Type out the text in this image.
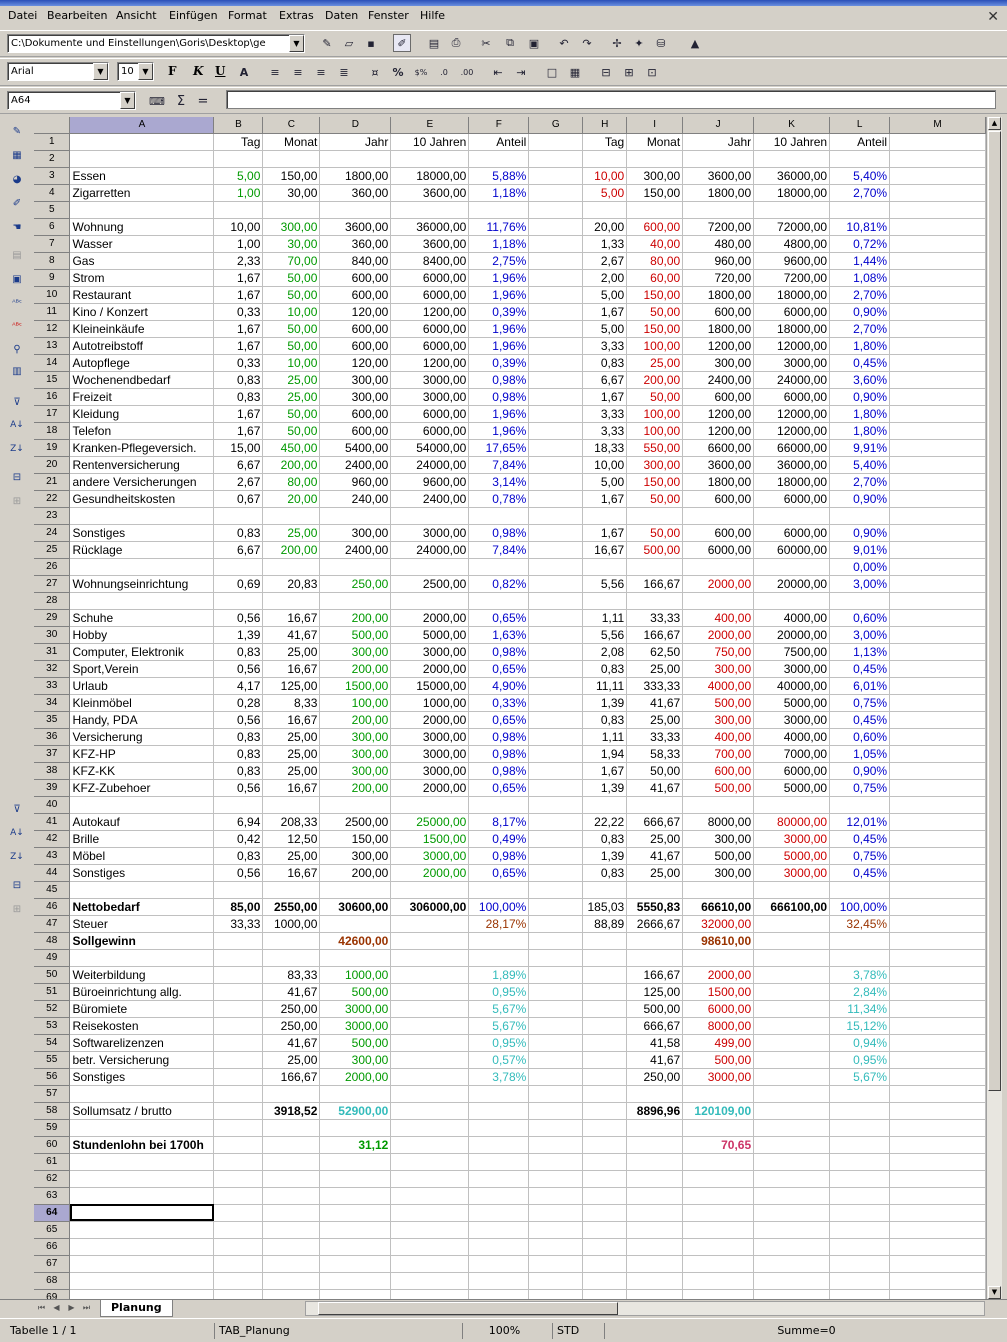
Datei Bearbeiten Ansicht Einfügen Format Extras Daten Fenster Hilfe	✕
C:\Dokumente und Einstellungen\Goris\Desktop\ge	▼	✎	▱	▪	✐	▤	⎙	✂	⧉	▣	↶	↷	✢	✦	⛁	▲
Arial	▼	10	▼	F K U	A	≡	≡	≡	≣	¤	%	$%	.0	.00	⇤	⇥	□	▦	⊟	⊞	⊡
A64	▼	⌨ Σ =
✎
▦
◕
✐
☚
▤
▣
ᴬᴮᶜ
ᴬᴮᶜ
⚲
▥
⊽
A↓
Z↓
⊟
⊞
⊽
A↓
Z↓
⊟
⊞
	A	B	C	D	E	F	G	H	I	J	K	L	M
1		Tag	Monat	Jahr	10 Jahren	Anteil		Tag	Monat	Jahr	10 Jahren	Anteil	
2													
3	Essen	5,00	150,00	1800,00	18000,00	5,88%		10,00	300,00	3600,00	36000,00	5,40%	
4	Zigarretten	1,00	30,00	360,00	3600,00	1,18%		5,00	150,00	1800,00	18000,00	2,70%	
5													
6	Wohnung	10,00	300,00	3600,00	36000,00	11,76%		20,00	600,00	7200,00	72000,00	10,81%	
7	Wasser	1,00	30,00	360,00	3600,00	1,18%		1,33	40,00	480,00	4800,00	0,72%	
8	Gas	2,33	70,00	840,00	8400,00	2,75%		2,67	80,00	960,00	9600,00	1,44%	
9	Strom	1,67	50,00	600,00	6000,00	1,96%		2,00	60,00	720,00	7200,00	1,08%	
10	Restaurant	1,67	50,00	600,00	6000,00	1,96%		5,00	150,00	1800,00	18000,00	2,70%	
11	Kino / Konzert	0,33	10,00	120,00	1200,00	0,39%		1,67	50,00	600,00	6000,00	0,90%	
12	Kleineinkäufe	1,67	50,00	600,00	6000,00	1,96%		5,00	150,00	1800,00	18000,00	2,70%	
13	Autotreibstoff	1,67	50,00	600,00	6000,00	1,96%		3,33	100,00	1200,00	12000,00	1,80%	
14	Autopflege	0,33	10,00	120,00	1200,00	0,39%		0,83	25,00	300,00	3000,00	0,45%	
15	Wochenendbedarf	0,83	25,00	300,00	3000,00	0,98%		6,67	200,00	2400,00	24000,00	3,60%	
16	Freizeit	0,83	25,00	300,00	3000,00	0,98%		1,67	50,00	600,00	6000,00	0,90%	
17	Kleidung	1,67	50,00	600,00	6000,00	1,96%		3,33	100,00	1200,00	12000,00	1,80%	
18	Telefon	1,67	50,00	600,00	6000,00	1,96%		3,33	100,00	1200,00	12000,00	1,80%	
19	Kranken-Pflegeversich.	15,00	450,00	5400,00	54000,00	17,65%		18,33	550,00	6600,00	66000,00	9,91%	
20	Rentenversicherung	6,67	200,00	2400,00	24000,00	7,84%		10,00	300,00	3600,00	36000,00	5,40%	
21	andere Versicherungen	2,67	80,00	960,00	9600,00	3,14%		5,00	150,00	1800,00	18000,00	2,70%	
22	Gesundheitskosten	0,67	20,00	240,00	2400,00	0,78%		1,67	50,00	600,00	6000,00	0,90%	
23													
24	Sonstiges	0,83	25,00	300,00	3000,00	0,98%		1,67	50,00	600,00	6000,00	0,90%	
25	Rücklage	6,67	200,00	2400,00	24000,00	7,84%		16,67	500,00	6000,00	60000,00	9,01%	
26												0,00%	
27	Wohnungseinrichtung	0,69	20,83	250,00	2500,00	0,82%		5,56	166,67	2000,00	20000,00	3,00%	
28													
29	Schuhe	0,56	16,67	200,00	2000,00	0,65%		1,11	33,33	400,00	4000,00	0,60%	
30	Hobby	1,39	41,67	500,00	5000,00	1,63%		5,56	166,67	2000,00	20000,00	3,00%	
31	Computer, Elektronik	0,83	25,00	300,00	3000,00	0,98%		2,08	62,50	750,00	7500,00	1,13%	
32	Sport,Verein	0,56	16,67	200,00	2000,00	0,65%		0,83	25,00	300,00	3000,00	0,45%	
33	Urlaub	4,17	125,00	1500,00	15000,00	4,90%		11,11	333,33	4000,00	40000,00	6,01%	
34	Kleinmöbel	0,28	8,33	100,00	1000,00	0,33%		1,39	41,67	500,00	5000,00	0,75%	
35	Handy, PDA	0,56	16,67	200,00	2000,00	0,65%		0,83	25,00	300,00	3000,00	0,45%	
36	Versicherung	0,83	25,00	300,00	3000,00	0,98%		1,11	33,33	400,00	4000,00	0,60%	
37	KFZ-HP	0,83	25,00	300,00	3000,00	0,98%		1,94	58,33	700,00	7000,00	1,05%	
38	KFZ-KK	0,83	25,00	300,00	3000,00	0,98%		1,67	50,00	600,00	6000,00	0,90%	
39	KFZ-Zubehoer	0,56	16,67	200,00	2000,00	0,65%		1,39	41,67	500,00	5000,00	0,75%	
40													
41	Autokauf	6,94	208,33	2500,00	25000,00	8,17%		22,22	666,67	8000,00	80000,00	12,01%	
42	Brille	0,42	12,50	150,00	1500,00	0,49%		0,83	25,00	300,00	3000,00	0,45%	
43	Möbel	0,83	25,00	300,00	3000,00	0,98%		1,39	41,67	500,00	5000,00	0,75%	
44	Sonstiges	0,56	16,67	200,00	2000,00	0,65%		0,83	25,00	300,00	3000,00	0,45%	
45													
46	Nettobedarf	85,00	2550,00	30600,00	306000,00	100,00%		185,03	5550,83	66610,00	666100,00	100,00%	
47	Steuer	33,33	1000,00			28,17%		88,89	2666,67	32000,00		32,45%	
48	Sollgewinn			42600,00						98610,00			
49													
50	Weiterbildung		83,33	1000,00		1,89%			166,67	2000,00		3,78%	
51	Büroeinrichtung allg.		41,67	500,00		0,95%			125,00	1500,00		2,84%	
52	Büromiete		250,00	3000,00		5,67%			500,00	6000,00		11,34%	
53	Reisekosten		250,00	3000,00		5,67%			666,67	8000,00		15,12%	
54	Softwarelizenzen		41,67	500,00		0,95%			41,58	499,00		0,94%	
55	betr. Versicherung		25,00	300,00		0,57%			41,67	500,00		0,95%	
56	Sonstiges		166,67	2000,00		3,78%			250,00	3000,00		5,67%	
57													
58	Sollumsatz / brutto		3918,52	52900,00					8896,96	120109,00			
59													
60	Stundenlohn bei 1700h			31,12						70,65			
61													
62													
63													
64													
65													
66													
67													
68													
69													
▲
▼
⏮	◀	▶	⏭	Planung
Tabelle 1 / 1	TAB_Planung	100%	STD	Summe=0
